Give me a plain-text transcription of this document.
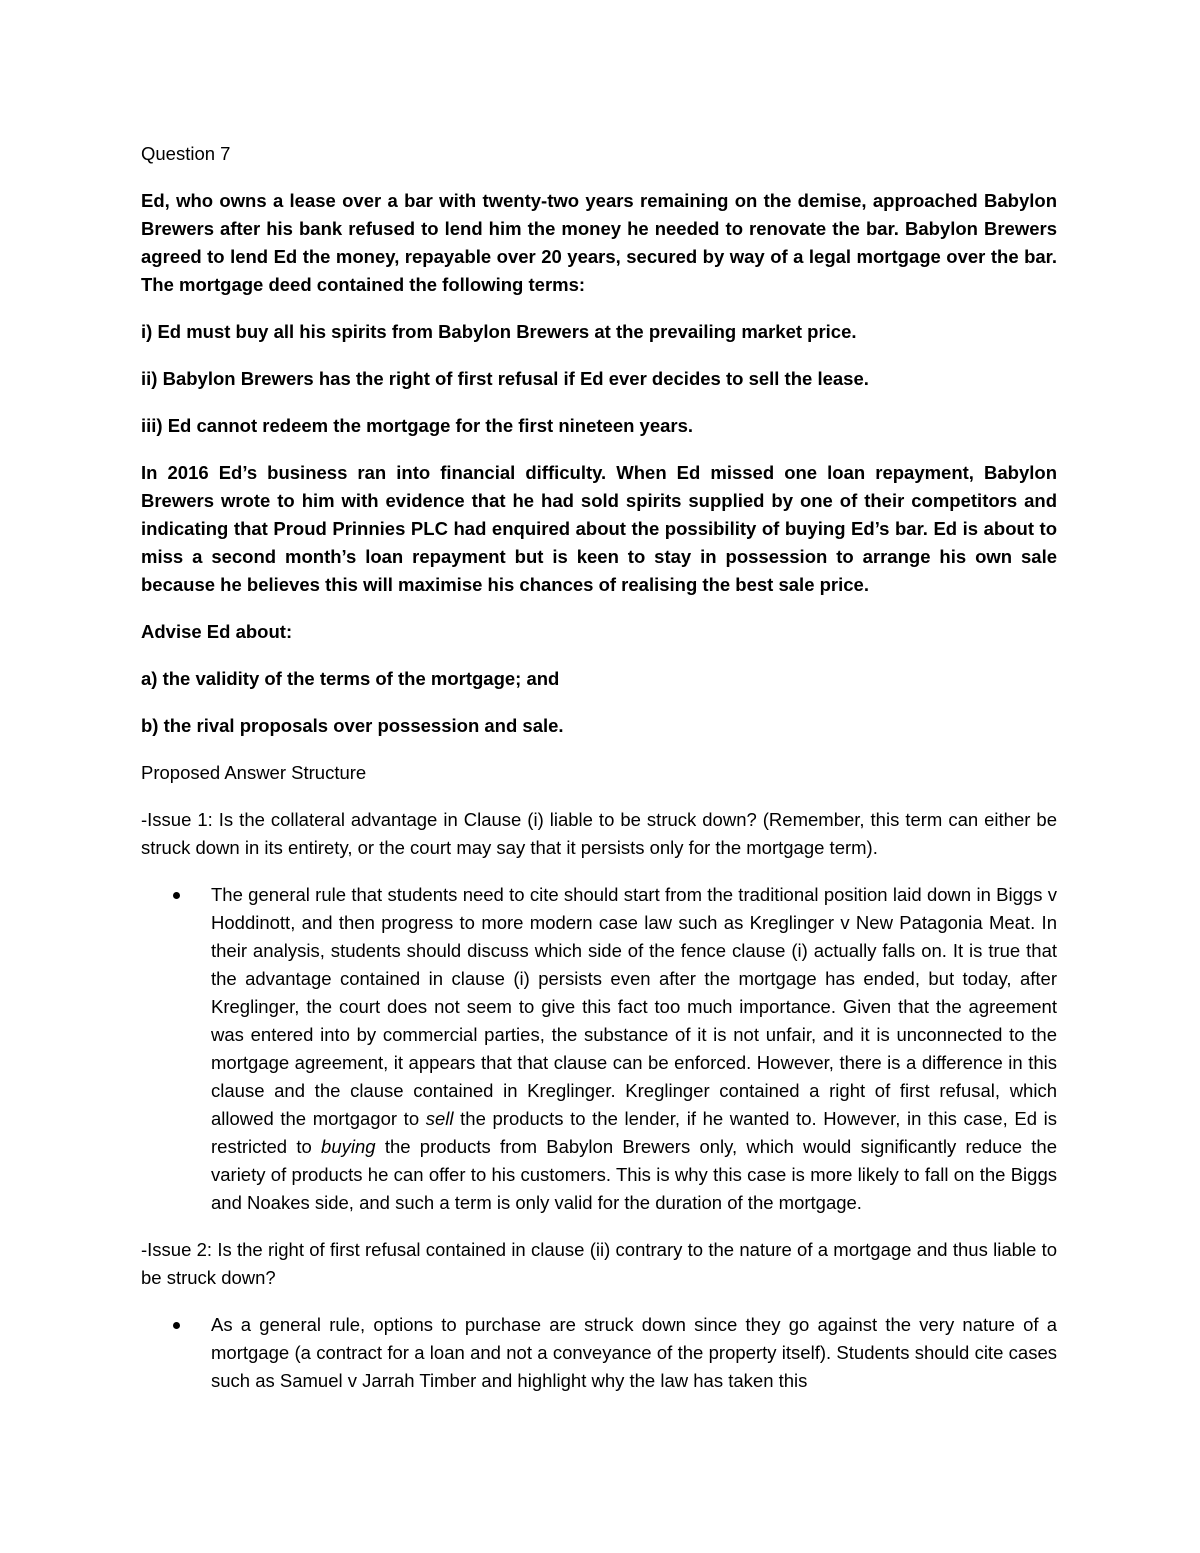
Question 7

Ed, who owns a lease over a bar with twenty-two years remaining on the demise, approached Babylon Brewers after his bank refused to lend him the money he needed to renovate the bar. Babylon Brewers agreed to lend Ed the money, repayable over 20 years, secured by way of a legal mortgage over the bar. The mortgage deed contained the following terms:

i) Ed must buy all his spirits from Babylon Brewers at the prevailing market price.

ii) Babylon Brewers has the right of first refusal if Ed ever decides to sell the lease.

iii) Ed cannot redeem the mortgage for the first nineteen years.

In 2016 Ed’s business ran into financial difficulty. When Ed missed one loan repayment, Babylon Brewers wrote to him with evidence that he had sold spirits supplied by one of their competitors and indicating that Proud Prinnies PLC had enquired about the possibility of buying Ed’s bar. Ed is about to miss a second month’s loan repayment but is keen to stay in possession to arrange his own sale because he believes this will maximise his chances of realising the best sale price.

Advise Ed about:

a) the validity of the terms of the mortgage; and

b) the rival proposals over possession and sale.

Proposed Answer Structure

-Issue 1: Is the collateral advantage in Clause (i) liable to be struck down? (Remember, this term can either be struck down in its entirety, or the court may say that it persists only for the mortgage term).

The general rule that students need to cite should start from the traditional position laid down in Biggs v Hoddinott, and then progress to more modern case law such as Kreglinger v New Patagonia Meat. In their analysis, students should discuss which side of the fence clause (i) actually falls on. It is true that the advantage contained in clause (i) persists even after the mortgage has ended, but today, after Kreglinger, the court does not seem to give this fact too much importance. Given that the agreement was entered into by commercial parties, the substance of it is not unfair, and it is unconnected to the mortgage agreement, it appears that that clause can be enforced. However, there is a difference in this clause and the clause contained in Kreglinger. Kreglinger contained a right of first refusal, which allowed the mortgagor to sell the products to the lender, if he wanted to. However, in this case, Ed is restricted to buying the products from Babylon Brewers only, which would significantly reduce the variety of products he can offer to his customers. This is why this case is more likely to fall on the Biggs and Noakes side, and such a term is only valid for the duration of the mortgage.

-Issue 2: Is the right of first refusal contained in clause (ii) contrary to the nature of a mortgage and thus liable to be struck down?

As a general rule, options to purchase are struck down since they go against the very nature of a mortgage (a contract for a loan and not a conveyance of the property itself). Students should cite cases such as Samuel v Jarrah Timber and highlight why the law has taken this
